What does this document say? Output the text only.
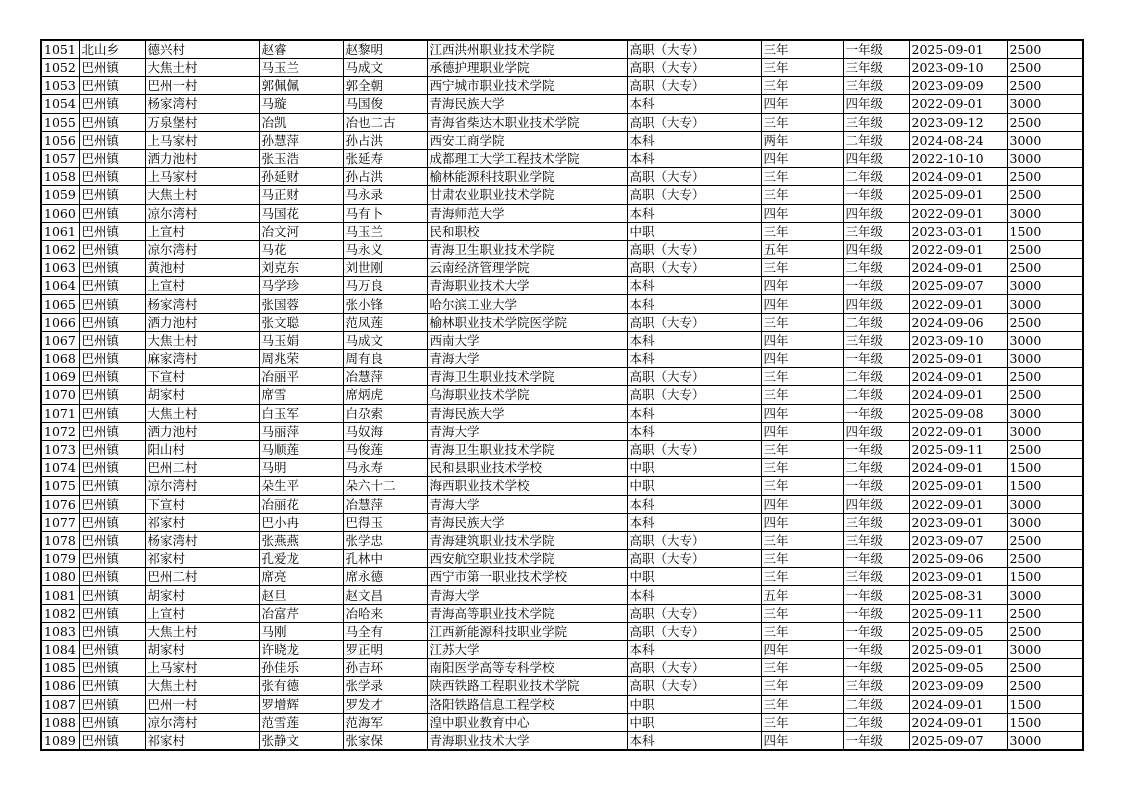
1051	北山乡	德兴村	赵睿	赵黎明	江西洪州职业技术学院	高职（大专）	三年	一年级	2025-09-01	2500
1052	巴州镇	大焦土村	马玉兰	马成文	承德护理职业学院	高职（大专）	三年	三年级	2023-09-10	2500
1053	巴州镇	巴州一村	郭佩佩	郭全朝	西宁城市职业技术学院	高职（大专）	三年	三年级	2023-09-09	2500
1054	巴州镇	杨家湾村	马璇	马国俊	青海民族大学	本科	四年	四年级	2022-09-01	3000
1055	巴州镇	万泉堡村	冶凯	冶也二古	青海省柴达木职业技术学院	高职（大专）	三年	三年级	2023-09-12	2500
1056	巴州镇	上马家村	孙慧萍	孙占洪	西安工商学院	本科	两年	二年级	2024-08-24	3000
1057	巴州镇	洒力池村	张玉浩	张延寿	成都理工大学工程技术学院	本科	四年	四年级	2022-10-10	3000
1058	巴州镇	上马家村	孙延财	孙占洪	榆林能源科技职业学院	高职（大专）	三年	二年级	2024-09-01	2500
1059	巴州镇	大焦土村	马正财	马永录	甘肃农业职业技术学院	高职（大专）	三年	一年级	2025-09-01	2500
1060	巴州镇	凉尔湾村	马国花	马有卜	青海师范大学	本科	四年	四年级	2022-09-01	3000
1061	巴州镇	上宣村	冶文河	马玉兰	民和职校	中职	三年	三年级	2023-03-01	1500
1062	巴州镇	凉尔湾村	马花	马永义	青海卫生职业技术学院	高职（大专）	五年	四年级	2022-09-01	2500
1063	巴州镇	黄池村	刘克东	刘世刚	云南经济管理学院	高职（大专）	三年	二年级	2024-09-01	2500
1064	巴州镇	上宣村	马学珍	马万良	青海职业技术大学	本科	四年	一年级	2025-09-07	3000
1065	巴州镇	杨家湾村	张国蓉	张小锋	哈尔滨工业大学	本科	四年	四年级	2022-09-01	3000
1066	巴州镇	洒力池村	张文聪	范凤莲	榆林职业技术学院医学院	高职（大专）	三年	二年级	2024-09-06	2500
1067	巴州镇	大焦土村	马玉娟	马成文	西南大学	本科	四年	三年级	2023-09-10	3000
1068	巴州镇	麻家湾村	周兆荣	周有良	青海大学	本科	四年	一年级	2025-09-01	3000
1069	巴州镇	下宣村	冶丽平	冶慧萍	青海卫生职业技术学院	高职（大专）	三年	二年级	2024-09-01	2500
1070	巴州镇	胡家村	席雪	席炳虎	乌海职业技术学院	高职（大专）	三年	二年级	2024-09-01	2500
1071	巴州镇	大焦土村	白玉军	白尕索	青海民族大学	本科	四年	一年级	2025-09-08	3000
1072	巴州镇	洒力池村	马丽萍	马奴海	青海大学	本科	四年	四年级	2022-09-01	3000
1073	巴州镇	阳山村	马顺莲	马俊莲	青海卫生职业技术学院	高职（大专）	三年	一年级	2025-09-11	2500
1074	巴州镇	巴州二村	马明	马永寿	民和县职业技术学校	中职	三年	二年级	2024-09-01	1500
1075	巴州镇	凉尔湾村	朵生平	朵六十二	海西职业技术学校	中职	三年	一年级	2025-09-01	1500
1076	巴州镇	下宣村	冶丽花	冶慧萍	青海大学	本科	四年	四年级	2022-09-01	3000
1077	巴州镇	祁家村	巴小冉	巴得玉	青海民族大学	本科	四年	三年级	2023-09-01	3000
1078	巴州镇	杨家湾村	张燕燕	张学忠	青海建筑职业技术学院	高职（大专）	三年	三年级	2023-09-07	2500
1079	巴州镇	祁家村	孔爱龙	孔林中	西安航空职业技术学院	高职（大专）	三年	一年级	2025-09-06	2500
1080	巴州镇	巴州二村	席亮	席永德	西宁市第一职业技术学校	中职	三年	三年级	2023-09-01	1500
1081	巴州镇	胡家村	赵旦	赵文昌	青海大学	本科	五年	一年级	2025-08-31	3000
1082	巴州镇	上宣村	冶富芹	冶哈来	青海高等职业技术学院	高职（大专）	三年	一年级	2025-09-11	2500
1083	巴州镇	大焦土村	马刚	马全有	江西新能源科技职业学院	高职（大专）	三年	一年级	2025-09-05	2500
1084	巴州镇	胡家村	许晓龙	罗正明	江苏大学	本科	四年	一年级	2025-09-01	3000
1085	巴州镇	上马家村	孙佳乐	孙吉环	南阳医学高等专科学校	高职（大专）	三年	一年级	2025-09-05	2500
1086	巴州镇	大焦土村	张有德	张学录	陕西铁路工程职业技术学院	高职（大专）	三年	三年级	2023-09-09	2500
1087	巴州镇	巴州一村	罗增辉	罗发才	洛阳铁路信息工程学校	中职	三年	二年级	2024-09-01	1500
1088	巴州镇	凉尔湾村	范雪莲	范海军	湟中职业教育中心	中职	三年	二年级	2024-09-01	1500
1089	巴州镇	祁家村	张静文	张家保	青海职业技术大学	本科	四年	一年级	2025-09-07	3000
